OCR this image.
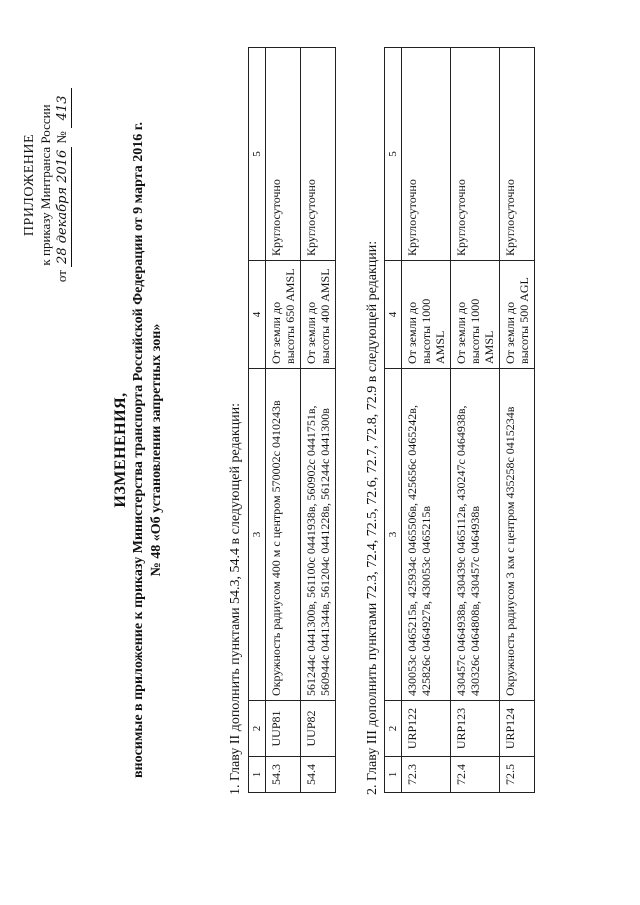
ПРИЛОЖЕНИЕ к приказу Минтранса России
от 28 декабря 2016 № 413
ИЗМЕНЕНИЯ, вносимые в приложение к приказу Министерства транспорта Российской Федерации от 9 марта 2016 г. № 48 «Об установлении запретных зон»	1. Главу II дополнить пунктами 54.3, 54.4 в следующей редакции: 1	2	3	4	5
54.3	UUP81	Окружность радиусом 400 м с центром 570002с 0410243в	От земли до высоты 650 AMSL	Круглосуточно
54.4	UUP82	561244с 0441300в, 561100с 0441938в, 560902с 0441751в, 560944с 0441344в, 561204с 0441228в, 561244с 0441300в	От земли до высоты 400 AMSL	Круглосуточно
2. Главу III дополнить пунктами 72.3, 72.4, 72.5, 72.6, 72.7, 72.8, 72.9 в следующей редакции: 1	2	3	4	5
72.3	URP122	430053с 0465215в, 425934с 0465506в, 425656с 0465242в, 425826с 0464927в, 430053с 0465215в	От земли до высоты 1000 AMSL	Круглосуточно
72.4	URP123	430457с 0464938в, 430439с 0465112в, 430247с 0464938в, 430326с 0464808в, 430457с 0464938в	От земли до высоты 1000 AMSL	Круглосуточно
72.5	URP124	Окружность радиусом 3 км с центром 435258с 0415234в	От земли до высоты 500 AGL	Круглосуточно
